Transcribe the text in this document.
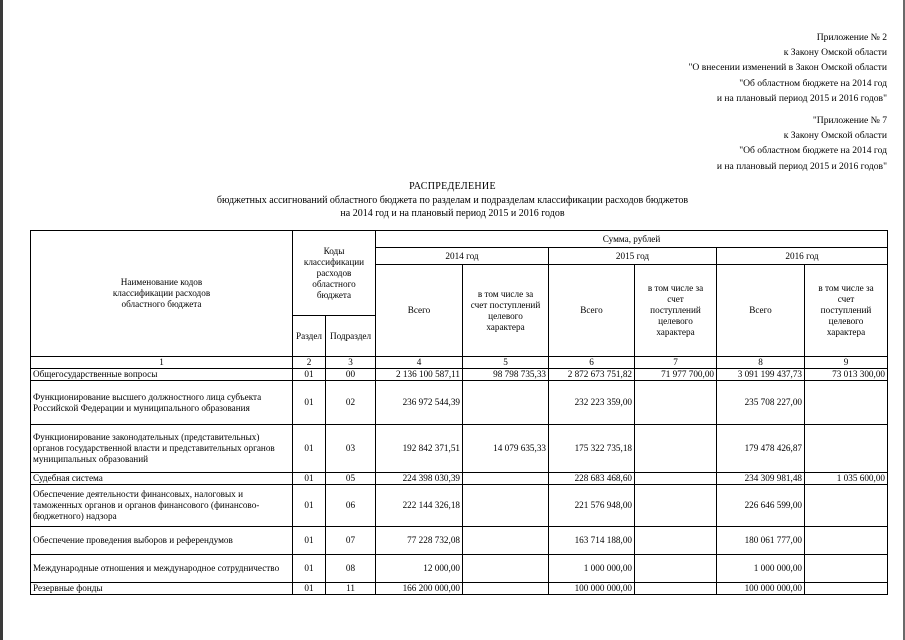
Приложение № 2
к Закону Омской области
"О внесении изменений в Закон Омской области
"Об областном бюджете на 2014 год
и на плановый период 2015 и 2016 годов"
"Приложение № 7
к Закону Омской области
"Об областном бюджете на 2014 год
и на плановый период 2015 и 2016 годов"
РАСПРЕДЕЛЕНИЕ
бюджетных ассигнований областного бюджета по разделам и подразделам классификации расходов бюджетов
на 2014 год и на плановый период 2015 и 2016 годов
Наименование кодов классификации расходов областного бюджета	Коды классификации расходов областного бюджета		Сумма, рублей					
			2014 год		2015 год		2016 год	
			Всего	в том числе за счет поступлений целевого характера	Всего	в том числе за счет поступлений целевого характера	Всего	в том числе за счет поступлений целевого характера
	Раздел	Подраздел						
1	2	3	4	5	6	7	8	9
Общегосударственные вопросы	01	00	2 136 100 587,11	98 798 735,33	2 872 673 751,82	71 977 700,00	3 091 199 437,73	73 013 300,00
Функционирование высшего должностного лица субъекта Российской Федерации и муниципального образования	01	02	236 972 544,39		232 223 359,00		235 708 227,00	
Функционирование законодательных (представительных) органов государственной власти и представительных органов муниципальных образований	01	03	192 842 371,51	14 079 635,33	175 322 735,18		179 478 426,87	
Судебная система	01	05	224 398 030,39		228 683 468,60		234 309 981,48	1 035 600,00
Обеспечение деятельности финансовых, налоговых и таможенных органов и органов финансового (финансово-бюджетного) надзора	01	06	222 144 326,18		221 576 948,00		226 646 599,00	
Обеспечение проведения выборов и референдумов	01	07	77 228 732,08		163 714 188,00		180 061 777,00	
Международные отношения и международное сотрудничество	01	08	12 000,00		1 000 000,00		1 000 000,00	
Резервные фонды	01	11	166 200 000,00		100 000 000,00		100 000 000,00	
